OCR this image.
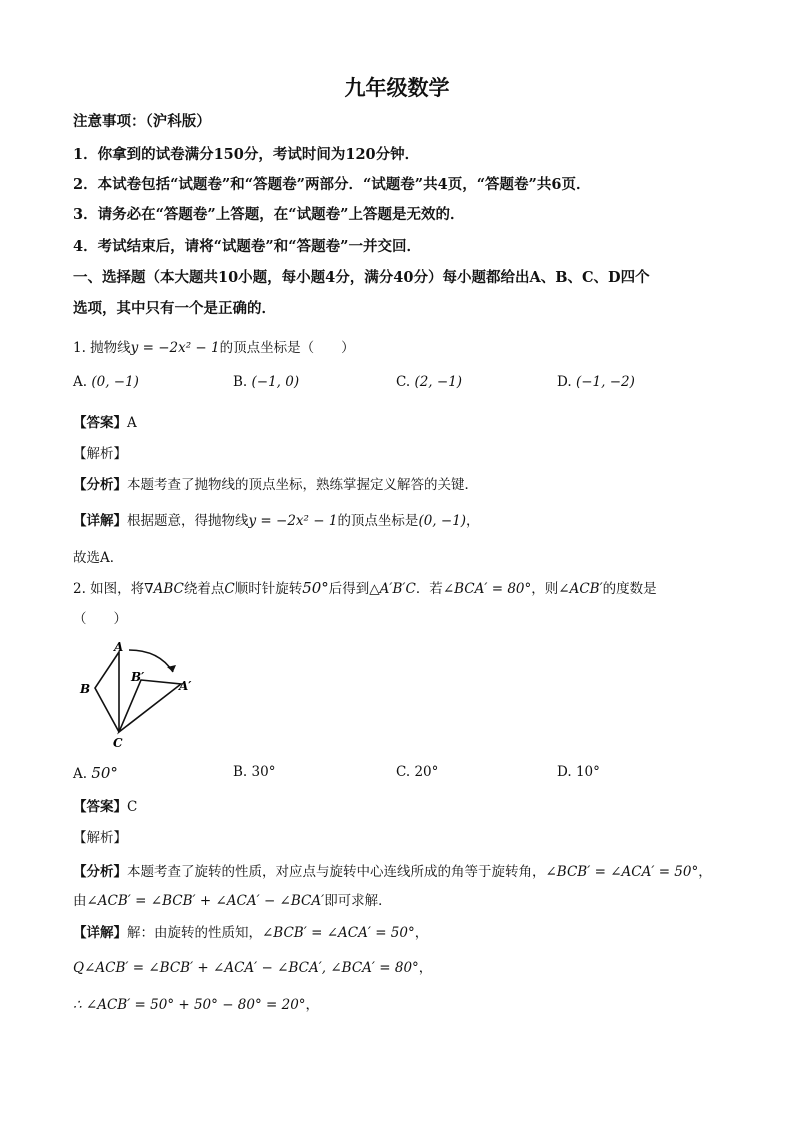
九年级数学
注意事项：（沪科版）
1．你拿到的试卷满分150分，考试时间为120分钟．
2．本试卷包括“试题卷”和“答题卷”两部分．“试题卷”共4页，“答题卷”共6页．
3．请务必在“答题卷”上答题，在“试题卷”上答题是无效的．
4．考试结束后，请将“试题卷”和“答题卷”一并交回．
一、选择题（本大题共10小题，每小题4分，满分40分）每小题都给出A、B、C、D四个
选项，其中只有一个是正确的．
1. 抛物线y = −2x² − 1的顶点坐标是（　　）
A. (0, −1)	B. (−1, 0)	C. (2, −1)	D. (−1, −2)
【答案】A
【解析】
【分析】本题考查了抛物线的顶点坐标，熟练掌握定义解答的关键．
【详解】根据题意，得抛物线y = −2x² − 1的顶点坐标是(0, −1)，
故选A．
2. 如图，将∇ABC绕着点C顺时针旋转50°后得到△A′B′C．若∠BCA′ = 80°，则∠ACB′的度数是
（　　）
A
B
C
B′
A′
A. 50°	B. 30°	C. 20°	D. 10°
【答案】C
【解析】
【分析】本题考查了旋转的性质，对应点与旋转中心连线所成的角等于旋转角，∠BCB′ = ∠ACA′ = 50°，
由∠ACB′ = ∠BCB′ + ∠ACA′ − ∠BCA′即可求解．
【详解】解：由旋转的性质知，∠BCB′ = ∠ACA′ = 50°，
Q∠ACB′ = ∠BCB′ + ∠ACA′ − ∠BCA′, ∠BCA′ = 80°，
∴ ∠ACB′ = 50° + 50° − 80° = 20°，
